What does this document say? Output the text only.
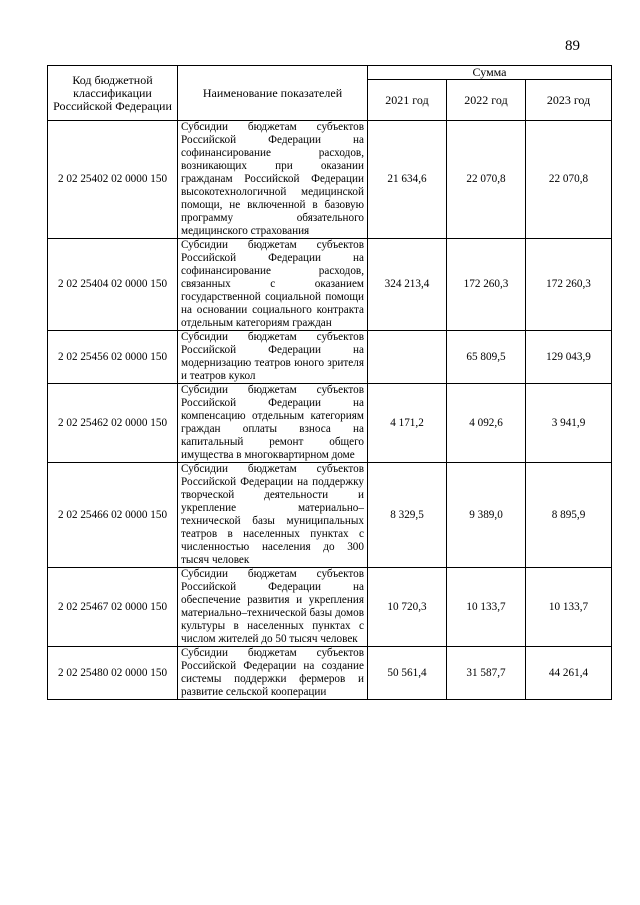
89
Код бюджетной классификации Российской Федерации	Наименование показателей	Сумма		
		2021 год	2022 год	2023 год
2 02 25402 02 0000 150	Субсидии бюджетам субъектов Российской Федерации на софинансирование расходов, возникающих при оказании гражданам Российской Федерации высокотехнологичной медицинской помощи, не включенной в базовую программу обязательного медицинского страхования	21 634,6	22 070,8	22 070,8
2 02 25404 02 0000 150	Субсидии бюджетам субъектов Российской Федерации на софинансирование расходов, связанных с оказанием государственной социальной помощи на основании социального контракта отдельным категориям граждан	324 213,4	172 260,3	172 260,3
2 02 25456 02 0000 150	Субсидии бюджетам субъектов Российской Федерации на модернизацию театров юного зрителя и театров кукол		65 809,5	129 043,9
2 02 25462 02 0000 150	Субсидии бюджетам субъектов Российской Федерации на компенсацию отдельным категориям граждан оплаты взноса на капитальный ремонт общего имущества в многоквартирном доме	4 171,2	4 092,6	3 941,9
2 02 25466 02 0000 150	Субсидии бюджетам субъектов Российской Федерации на поддержку творческой деятельности и укрепление материально–технической базы муниципальных театров в населенных пунктах с численностью населения до 300 тысяч человек	8 329,5	9 389,0	8 895,9
2 02 25467 02 0000 150	Субсидии бюджетам субъектов Российской Федерации на обеспечение развития и укрепления материально–технической базы домов культуры в населенных пунктах с числом жителей до 50 тысяч человек	10 720,3	10 133,7	10 133,7
2 02 25480 02 0000 150	Субсидии бюджетам субъектов Российской Федерации на создание системы поддержки фермеров и развитие сельской кооперации	50 561,4	31 587,7	44 261,4
